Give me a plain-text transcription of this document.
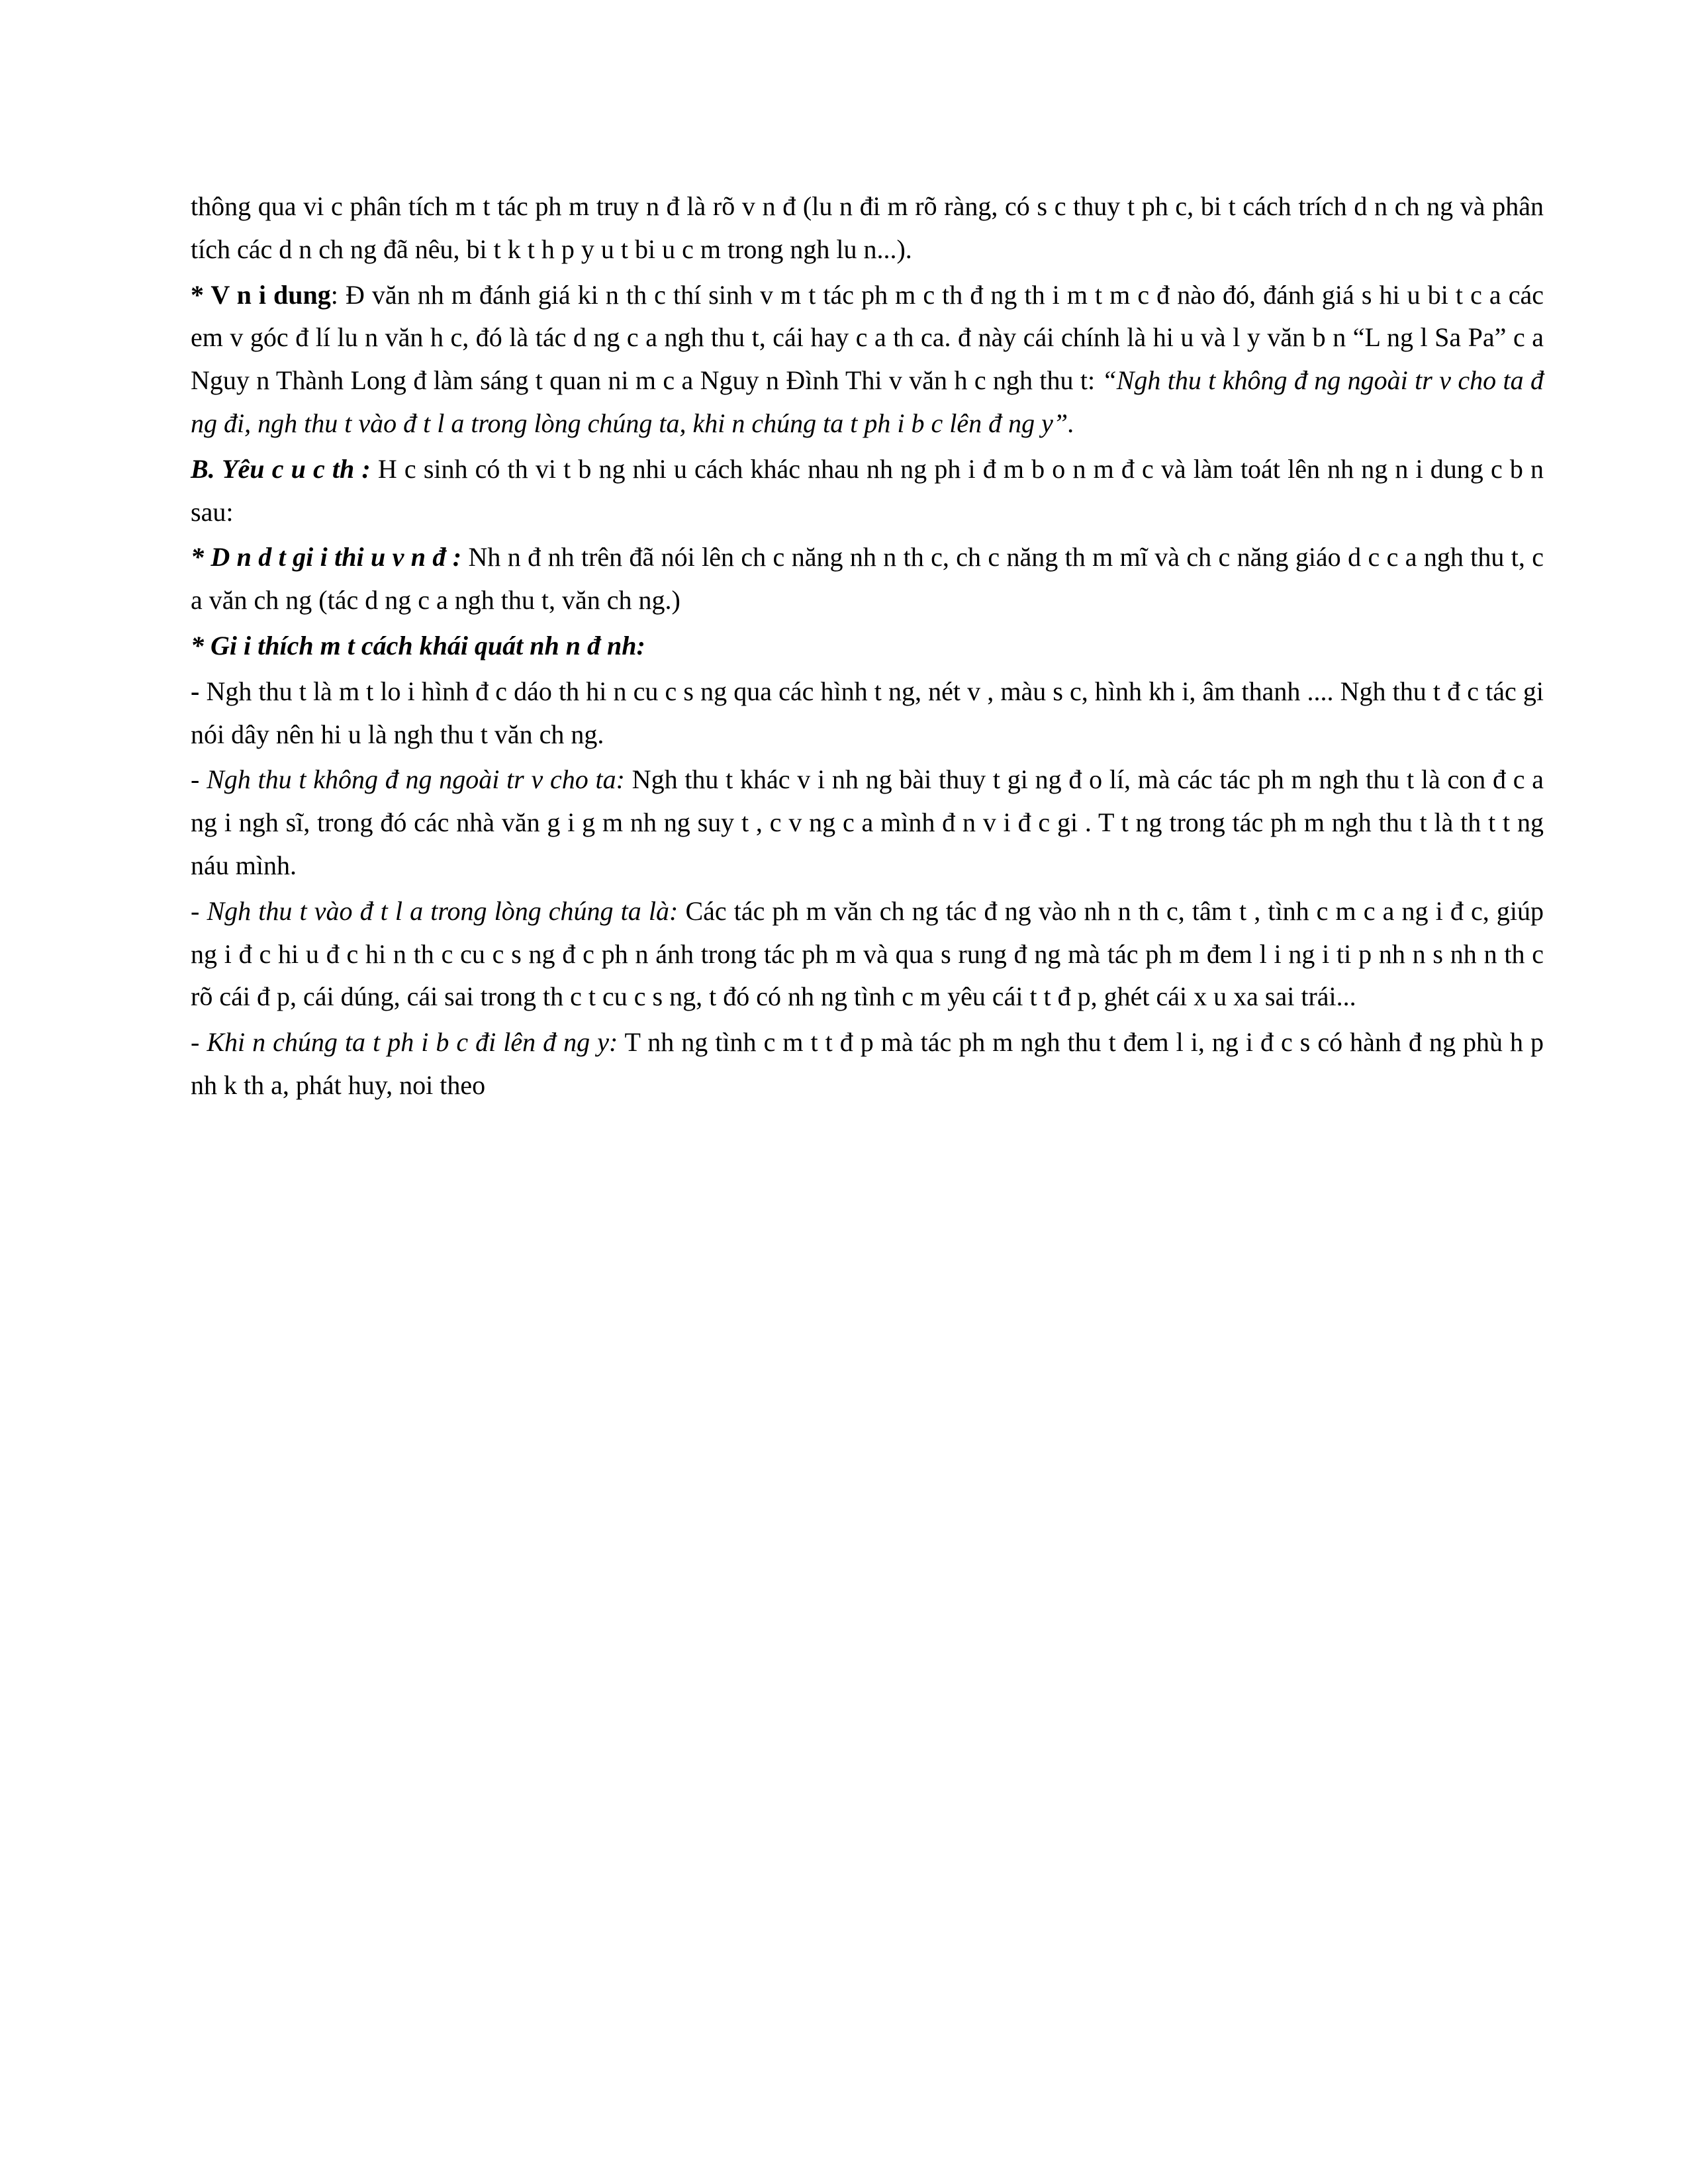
thông qua vi c phân tích m t tác ph m truy n đ là rõ v n đ (lu n đi m rõ ràng, có s c thuy t ph c, bi t cách trích d n ch ng và phân tích các d n ch ng đã nêu, bi t k t h p y u t bi u c m trong ngh lu n...).

* V n i dung: Đ văn nh m đánh giá ki n th c thí sinh v m t tác ph m c th đ ng th i m t m c đ nào đó, đánh giá s hi u bi t c a các em v góc đ lí lu n văn h c, đó là tác d ng c a ngh thu t, cái hay c a th ca. đ này cái chính là hi u và l y văn b n “L ng l Sa Pa” c a Nguy n Thành Long đ làm sáng t quan ni m c a Nguy n Đình Thi v văn h c ngh thu t: “Ngh thu t không đ ng ngoài tr v cho ta đ ng đi, ngh thu t vào đ t l a trong lòng chúng ta, khi n chúng ta t ph i b c lên đ ng y”.

B. Yêu c u c th : H c sinh có th vi t b ng nhi u cách khác nhau nh ng ph i đ m b o n m đ c và làm toát lên nh ng n i dung c b n sau:

* D n d t gi i thi u v n đ : Nh n đ nh trên đã nói lên ch c năng nh n th c, ch c năng th m mĩ và ch c năng giáo d c c a ngh thu t, c a văn ch ng (tác d ng c a ngh thu t, văn ch ng.)

* Gi i thích m t cách khái quát nh n đ nh:

- Ngh thu t là m t lo i hình đ c dáo th hi n cu c s ng qua các hình t ng, nét v , màu s c, hình kh i, âm thanh .... Ngh thu t đ c tác gi nói dây nên hi u là ngh thu t văn ch ng.

- Ngh thu t không đ ng ngoài tr v cho ta: Ngh thu t khác v i nh ng bài thuy t gi ng đ o lí, mà các tác ph m ngh thu t là con đ c a ng i ngh sĩ, trong đó các nhà văn g i g m nh ng suy t , c v ng c a mình đ n v i đ c gi . T t ng trong tác ph m ngh thu t là th t t ng náu mình.

- Ngh thu t vào đ t l a trong lòng chúng ta là: Các tác ph m văn ch ng tác đ ng vào nh n th c, tâm t , tình c m c a ng i đ c, giúp ng i đ c hi u đ c hi n th c cu c s ng đ c ph n ánh trong tác ph m và qua s rung đ ng mà tác ph m đem l i ng i ti p nh n s nh n th c rõ cái đ p, cái dúng, cái sai trong th c t cu c s ng, t đó có nh ng tình c m yêu cái t t đ p, ghét cái x u xa sai trái...

- Khi n chúng ta t ph i b c đi lên đ ng y: T nh ng tình c m t t đ p mà tác ph m ngh thu t đem l i, ng i đ c s có hành đ ng phù h p nh k th a, phát huy, noi theo
